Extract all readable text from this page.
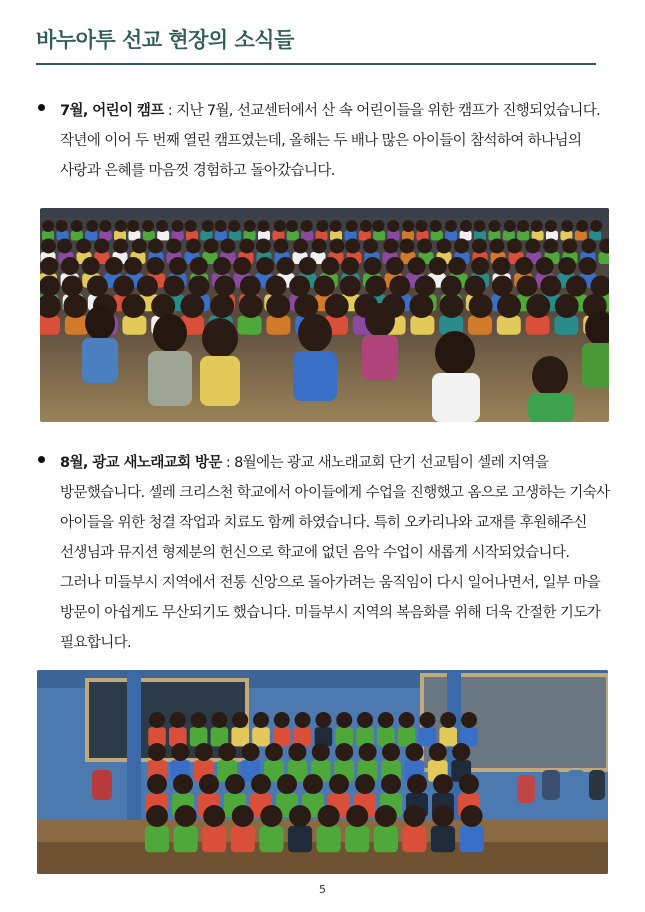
바누아투 선교 현장의 소식들
7월, 어린이 캠프 : 지난 7월, 선교센터에서 산 속 어린이들을 위한 캠프가 진행되었습니다. 작년에 이어 두 번째 열린 캠프였는데, 올해는 두 배나 많은 아이들이 참석하여 하나님의 사랑과 은혜를 마음껏 경험하고 돌아갔습니다.
8월, 광교 새노래교회 방문 : 8월에는 광교 새노래교회 단기 선교팀이 셀레 지역을 방문했습니다. 셀레 크리스천 학교에서 아이들에게 수업을 진행했고 옴으로 고생하는 기숙사 아이들을 위한 청결 작업과 치료도 함께 하였습니다. 특히 오카리나와 교재를 후원해주신 선생님과 뮤지션 형제분의 헌신으로 학교에 없던 음악 수업이 새롭게 시작되었습니다. 그러나 미들부시 지역에서 전통 신앙으로 돌아가려는 움직임이 다시 일어나면서, 일부 마을 방문이 아쉽게도 무산되기도 했습니다. 미들부시 지역의 복음화를 위해 더욱 간절한 기도가 필요합니다.
5
